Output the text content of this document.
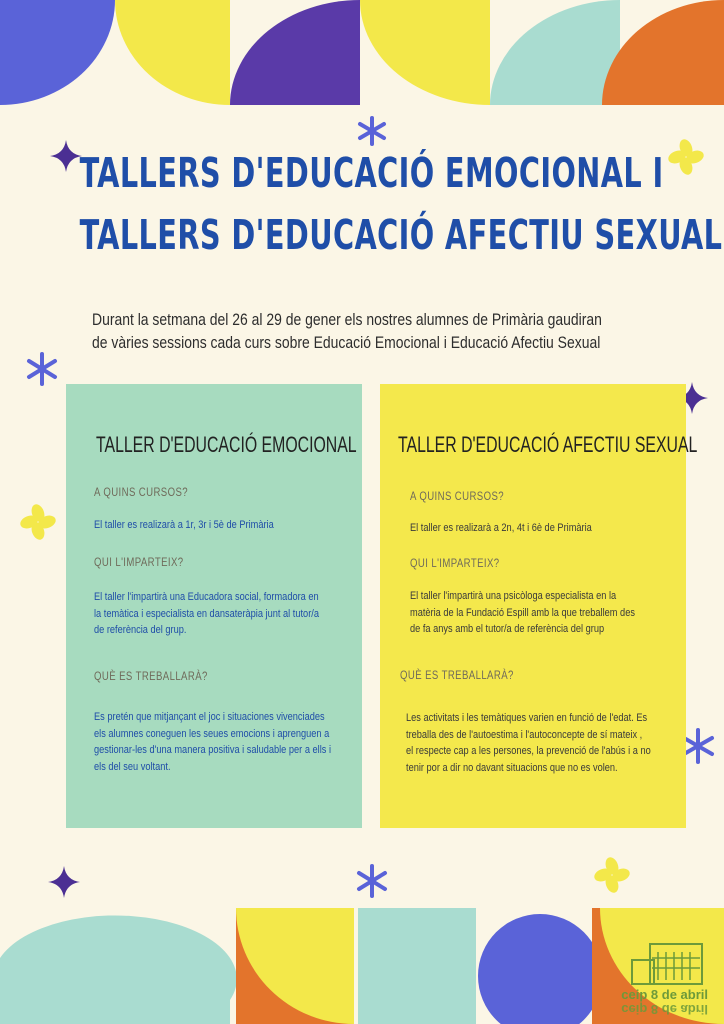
TALLERS D'EDUCACIÓ EMOCIONAL I
TALLERS D'EDUCACIÓ AFECTIU SEXUAL

Durant la setmana del 26 al 29 de gener els nostres alumnes de Primària gaudiran
de vàries sessions cada curs sobre Educació Emocional i Educació Afectiu Sexual

TALLER D'EDUCACIÓ EMOCIONAL

A QUINS CURSOS?

El taller es realizarà a 1r, 3r i 5è de Primària

QUI L'IMPARTEIX?

El taller l'impartirà una Educadora social, formadora en
la temàtica i especialista en dansateràpia junt al tutor/a
de referència del grup.

QUÈ ES TREBALLARÀ?

Es pretén que mitjançant el joc i situaciones vivenciades
els alumnes coneguen les seues emocions i aprenguen a
gestionar-les d'una manera positiva i saludable per a ells i
els del seu voltant.

TALLER D'EDUCACIÓ AFECTIU SEXUAL

A QUINS CURSOS?

El taller es realizarà a 2n, 4t i 6è de Primària

QUI L'IMPARTEIX?

El taller l'impartirà una psicòloga especialista en la
matèria de la Fundació Espill amb la que treballem des
de fa anys amb el tutor/a de referència del grup

QUÈ ES TREBALLARÀ?

Les activitats i les temàtiques varien en funció de l'edat. Es
treballa des de l'autoestima i l'autoconcepte de sí mateix ,
el respecte cap a les persones, la prevenció de l'abús i a no
tenir por a dir no davant situacions que no es volen.

ceip 8 de abril

ceip 8 de abril
